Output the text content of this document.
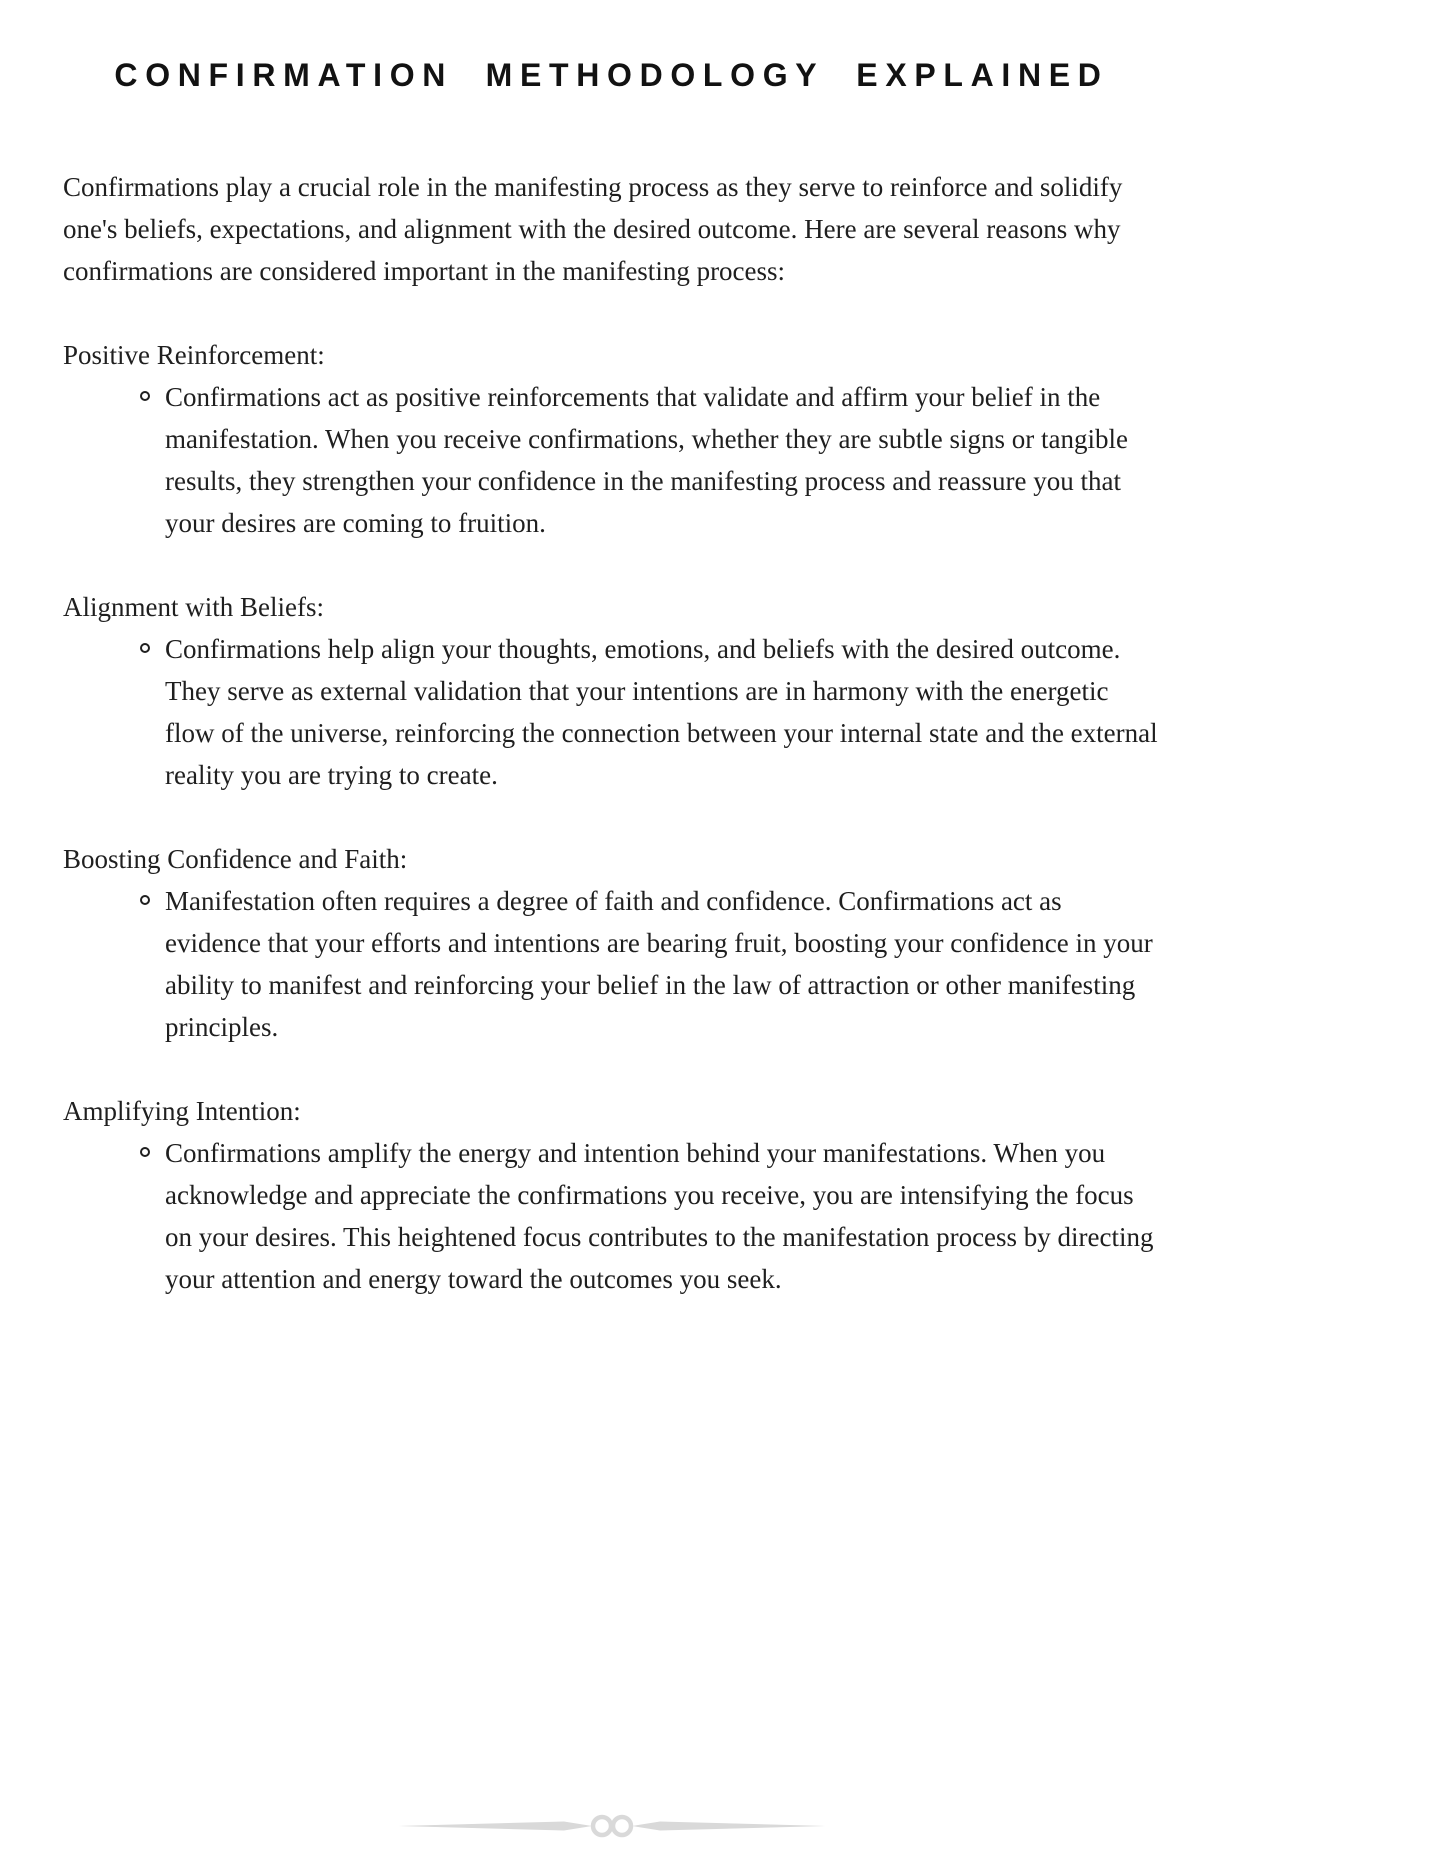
CONFIRMATION METHODOLOGY EXPLAINED

Confirmations play a crucial role in the manifesting process as they serve to reinforce and solidify one's beliefs, expectations, and alignment with the desired outcome. Here are several reasons why confirmations are considered important in the manifesting process:

Positive Reinforcement:
Confirmations act as positive reinforcements that validate and affirm your belief in the manifestation. When you receive confirmations, whether they are subtle signs or tangible results, they strengthen your confidence in the manifesting process and reassure you that your desires are coming to fruition.
Alignment with Beliefs:
Confirmations help align your thoughts, emotions, and beliefs with the desired outcome. They serve as external validation that your intentions are in harmony with the energetic flow of the universe, reinforcing the connection between your internal state and the external reality you are trying to create.
Boosting Confidence and Faith:
Manifestation often requires a degree of faith and confidence. Confirmations act as evidence that your efforts and intentions are bearing fruit, boosting your confidence in your ability to manifest and reinforcing your belief in the law of attraction or other manifesting principles.
Amplifying Intention:
Confirmations amplify the energy and intention behind your manifestations. When you acknowledge and appreciate the confirmations you receive, you are intensifying the focus on your desires. This heightened focus contributes to the manifestation process by directing your attention and energy toward the outcomes you seek.
